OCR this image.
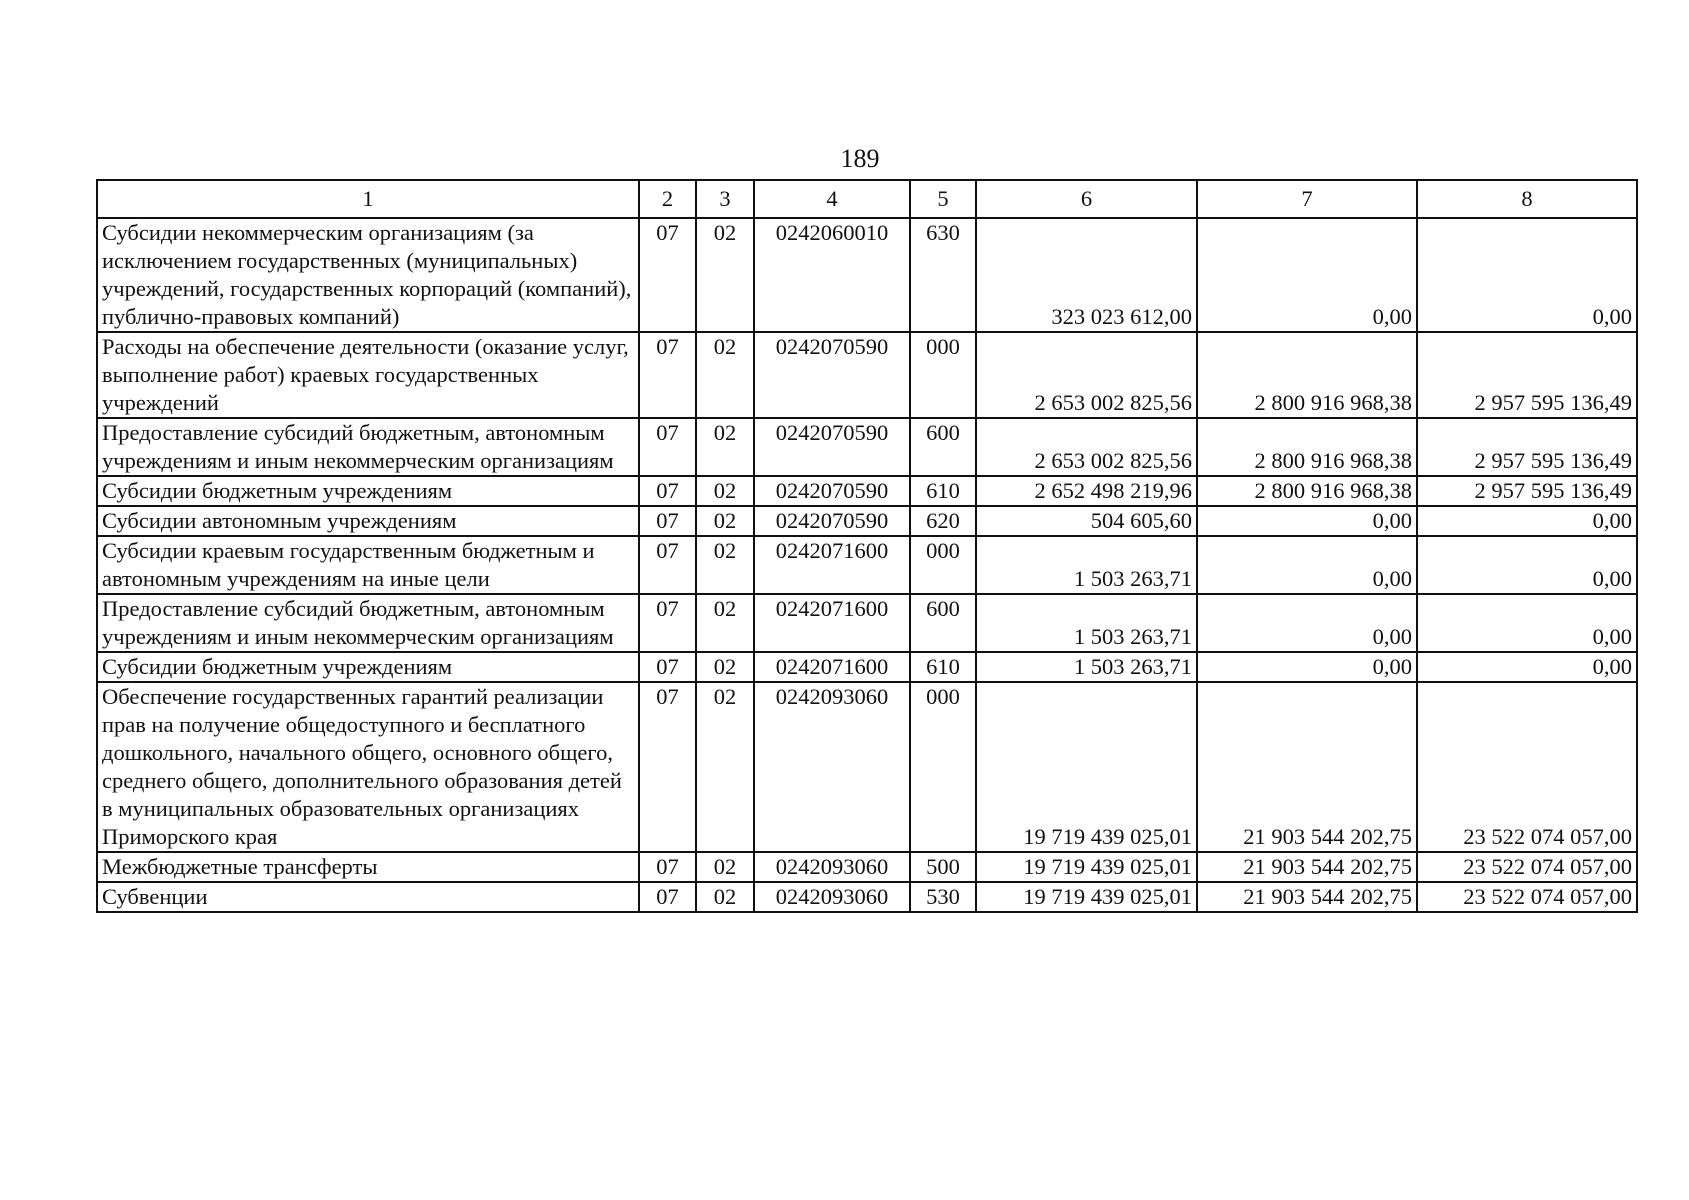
189
1	2	3	4	5	6	7	8
Субсидии некоммерческим организациям (за исключением государственных (муниципальных) учреждений, государственных корпораций (компаний), публично-правовых компаний)	07	02	0242060010	630	323 023 612,00	0,00	0,00
Расходы на обеспечение деятельности (оказание услуг, выполнение работ) краевых государственных учреждений	07	02	0242070590	000	2 653 002 825,56	2 800 916 968,38	2 957 595 136,49
Предоставление субсидий бюджетным, автономным учреждениям и иным некоммерческим организациям	07	02	0242070590	600	2 653 002 825,56	2 800 916 968,38	2 957 595 136,49
Субсидии бюджетным учреждениям	07	02	0242070590	610	2 652 498 219,96	2 800 916 968,38	2 957 595 136,49
Субсидии автономным учреждениям	07	02	0242070590	620	504 605,60	0,00	0,00
Субсидии краевым государственным бюджетным и автономным учреждениям на иные цели	07	02	0242071600	000	1 503 263,71	0,00	0,00
Предоставление субсидий бюджетным, автономным учреждениям и иным некоммерческим организациям	07	02	0242071600	600	1 503 263,71	0,00	0,00
Субсидии бюджетным учреждениям	07	02	0242071600	610	1 503 263,71	0,00	0,00
Обеспечение государственных гарантий реализации прав на получение общедоступного и бесплатного дошкольного, начального общего, основного общего, среднего общего, дополнительного образования детей в муниципальных образовательных организациях Приморского края	07	02	0242093060	000	19 719 439 025,01	21 903 544 202,75	23 522 074 057,00
Межбюджетные трансферты	07	02	0242093060	500	19 719 439 025,01	21 903 544 202,75	23 522 074 057,00
Субвенции	07	02	0242093060	530	19 719 439 025,01	21 903 544 202,75	23 522 074 057,00
